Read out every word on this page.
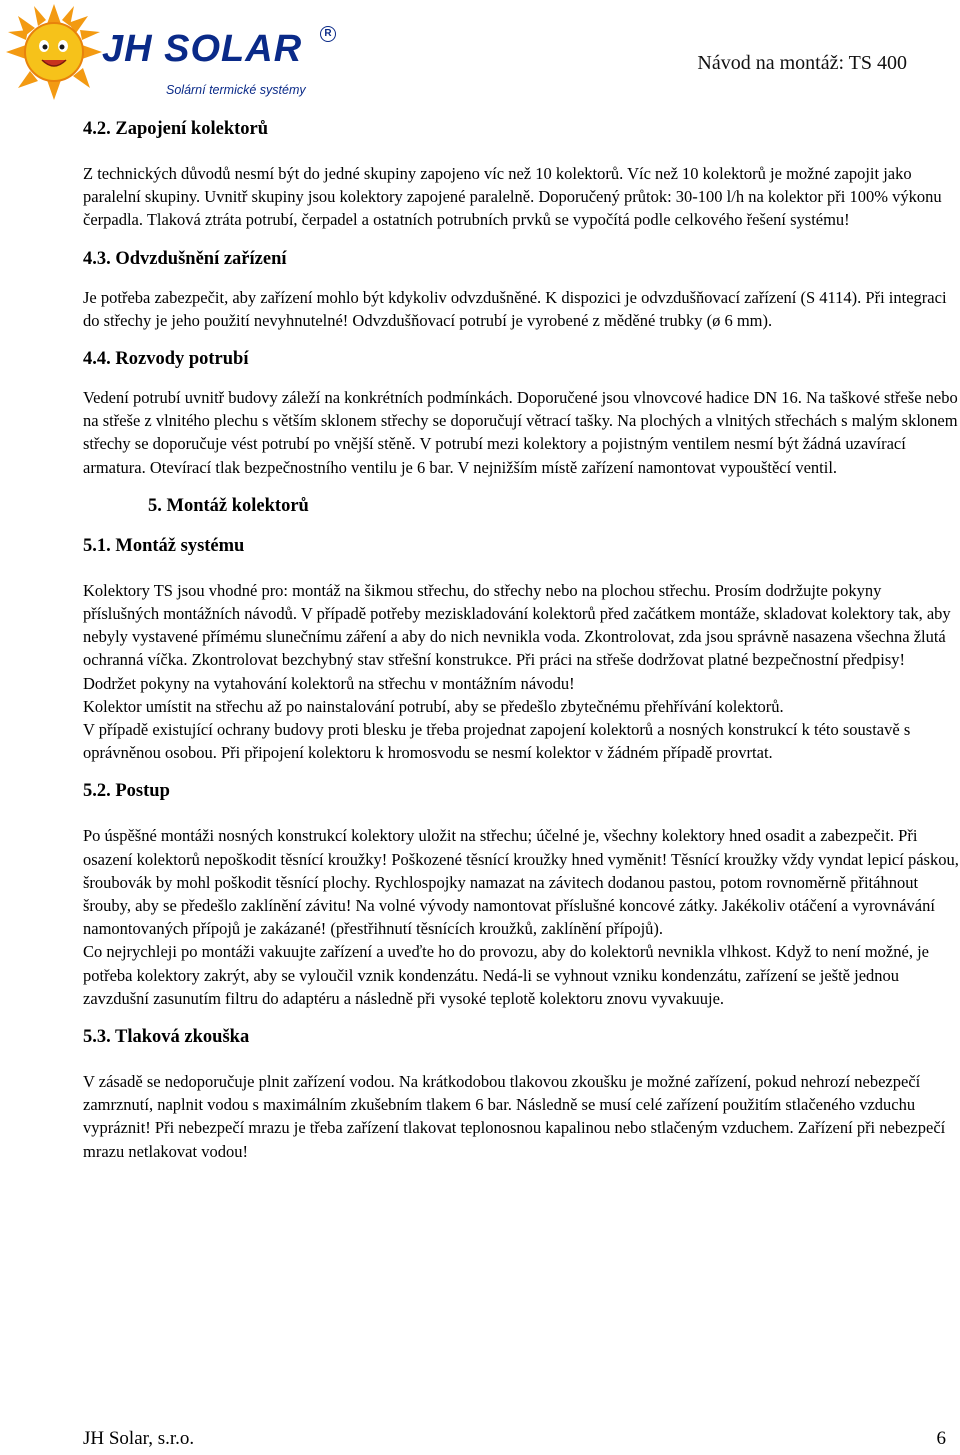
JH SOLAR	R
Solární termické systémy
Návod na montáž: TS 400
4.2. Zapojení kolektorů

Z technických důvodů nesmí být do jedné skupiny zapojeno víc než 10 kolektorů. Víc než 10 kolektorů je možné zapojit jako paralelní skupiny. Uvnitř skupiny jsou kolektory zapojené paralelně. Doporučený průtok: 30-100 l/h na kolektor při 100% výkonu čerpadla. Tlaková ztráta potrubí, čerpadel a ostatních potrubních prvků se vypočítá podle celkového řešení systému!

4.3. Odvzdušnění zařízení

Je potřeba zabezpečit, aby zařízení mohlo být kdykoliv odvzdušněné. K dispozici je odvzdušňovací zařízení (S 4114). Při integraci do střechy je jeho použití nevyhnutelné! Odvzdušňovací potrubí je vyrobené z měděné trubky (ø 6 mm).

4.4. Rozvody potrubí

Vedení potrubí uvnitř budovy záleží na konkrétních podmínkách. Doporučené jsou vlnovcové hadice DN 16. Na taškové střeše nebo na střeše z vlnitého plechu s větším sklonem střechy se doporučují větrací tašky. Na plochých a vlnitých střechách s malým sklonem střechy se doporučuje vést potrubí po vnější stěně. V potrubí mezi kolektory a pojistným ventilem nesmí být žádná uzavírací armatura. Otevírací tlak bezpečnostního ventilu je 6 bar. V nejnižším místě zařízení namontovat vypouštěcí ventil.

5. Montáž kolektorů
5.1. Montáž systému

Kolektory TS jsou vhodné pro: montáž na šikmou střechu, do střechy nebo na plochou střechu. Prosím dodržujte pokyny příslušných montážních návodů. V případě potřeby meziskladování kolektorů před začátkem montáže, skladovat kolektory tak, aby nebyly vystavené přímému slunečnímu záření a aby do nich nevnikla voda. Zkontrolovat, zda jsou správně nasazena všechna žlutá ochranná víčka. Zkontrolovat bezchybný stav střešní konstrukce. Při práci na střeše dodržovat platné bezpečnostní předpisy!

Dodržet pokyny na vytahování kolektorů na střechu v montážním návodu!

Kolektor umístit na střechu až po nainstalování potrubí, aby se předešlo zbytečnému přehřívání kolektorů.

V případě existující ochrany budovy proti blesku je třeba projednat zapojení kolektorů a nosných konstrukcí k této soustavě s oprávněnou osobou. Při připojení kolektoru k hromosvodu se nesmí kolektor v žádném případě provrtat.

5.2. Postup

Po úspěšné montáži nosných konstrukcí kolektory uložit na střechu; účelné je, všechny kolektory hned osadit a zabezpečit. Při osazení kolektorů nepoškodit těsnící kroužky! Poškozené těsnící kroužky hned vyměnit! Těsnící kroužky vždy vyndat lepicí páskou, šroubovák by mohl poškodit těsnící plochy. Rychlospojky namazat na závitech dodanou pastou, potom rovnoměrně přitáhnout šrouby, aby se předešlo zaklínění závitu! Na volné vývody namontovat příslušné koncové zátky. Jakékoliv otáčení a vyrovnávání namontovaných přípojů je zakázané! (přestřihnutí těsnících kroužků, zaklínění přípojů).

Co nejrychleji po montáži vakuujte zařízení a uveďte ho do provozu, aby do kolektorů nevnikla vlhkost. Když to není možné, je potřeba kolektory zakrýt, aby se vyloučil vznik kondenzátu. Nedá-li se vyhnout vzniku kondenzátu, zařízení se ještě jednou zavzdušní zasunutím filtru do adaptéru a následně při vysoké teplotě kolektoru znovu vyvakuuje.

5.3. Tlaková zkouška

V zásadě se nedoporučuje plnit zařízení vodou. Na krátkodobou tlakovou zkoušku je možné zařízení, pokud nehrozí nebezpečí zamrznutí, naplnit vodou s maximálním zkušebním tlakem 6 bar. Následně se musí celé zařízení použitím stlačeného vzduchu vypráznit! Při nebezpečí mrazu je třeba zařízení tlakovat teplonosnou kapalinou nebo stlačeným vzduchem. Zařízení při nebezpečí mrazu netlakovat vodou!

JH Solar, s.r.o.	6
